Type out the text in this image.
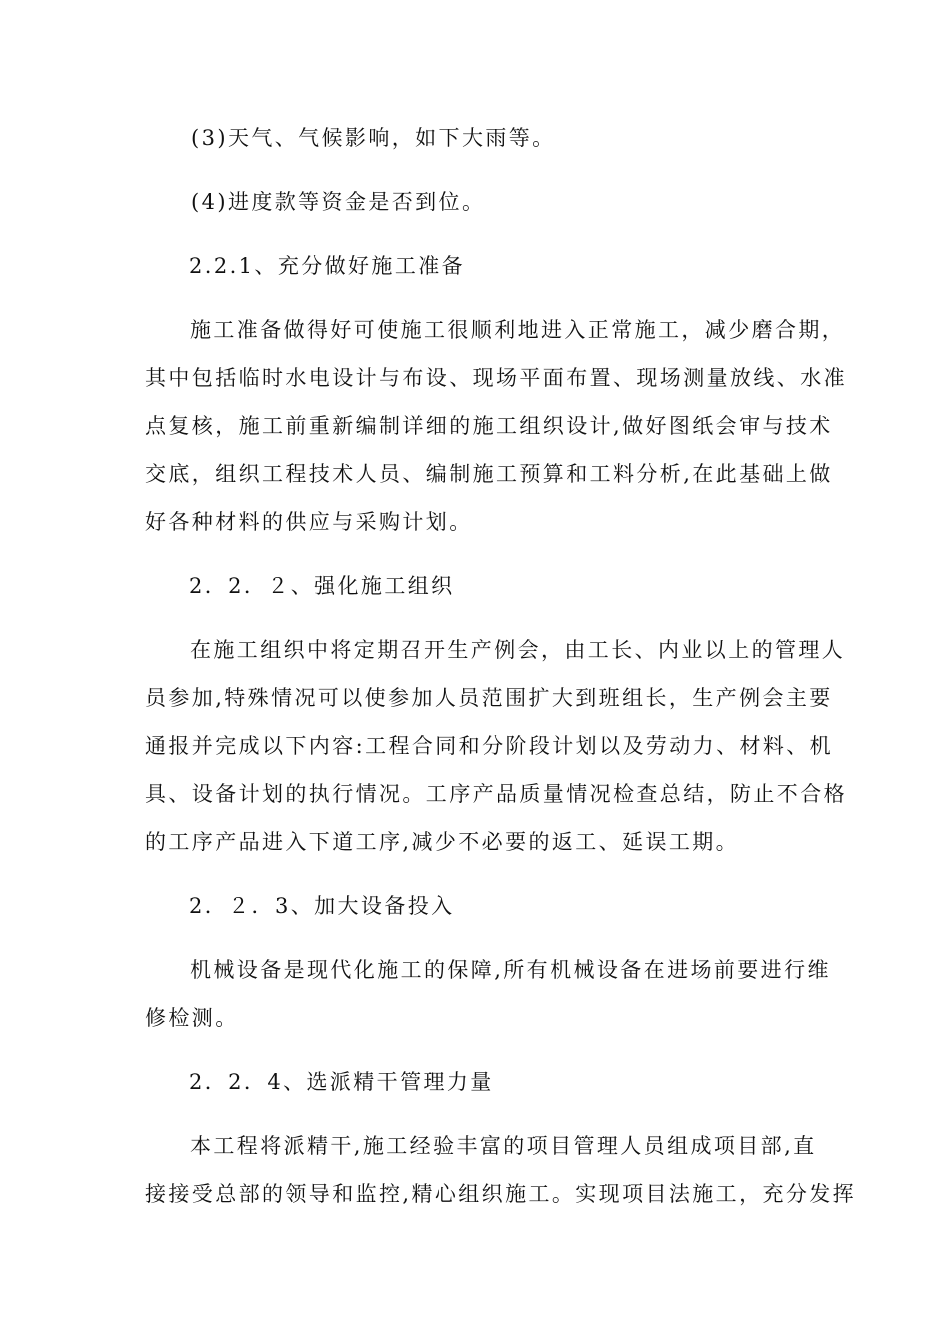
(3)天气、气候影响，如下大雨等。
(4)进度款等资金是否到位。
2.2.1、充分做好施工准备
施工准备做得好可使施工很顺利地进入正常施工，减少磨合期，
其中包括临时水电设计与布设、现场平面布置、现场测量放线、水准
点复核，施工前重新编制详细的施工组织设计,做好图纸会审与技术
交底，组织工程技术人员、编制施工预算和工料分析,在此基础上做
好各种材料的供应与采购计划。
2．2．２、强化施工组织
在施工组织中将定期召开生产例会，由工长、内业以上的管理人
员参加,特殊情况可以使参加人员范围扩大到班组长，生产例会主要
通报并完成以下内容:工程合同和分阶段计划以及劳动力、材料、机
具、设备计划的执行情况。工序产品质量情况检查总结，防止不合格
的工序产品进入下道工序,减少不必要的返工、延误工期。
2．２．3、加大设备投入
机械设备是现代化施工的保障,所有机械设备在进场前要进行维
修检测。
2．2．4、选派精干管理力量
本工程将派精干,施工经验丰富的项目管理人员组成项目部,直
接接受总部的领导和监控,精心组织施工。实现项目法施工，充分发挥
